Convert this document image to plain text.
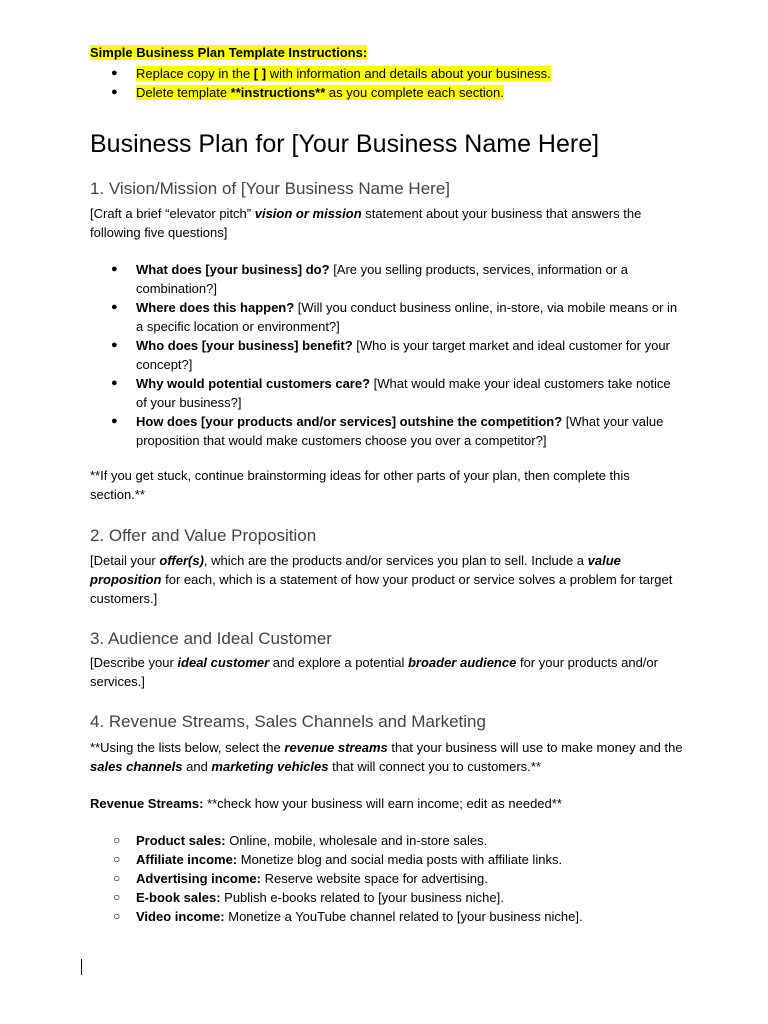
Simple Business Plan Template Instructions:
● Replace copy in the [ ] with information and details about your business.
● Delete template **instructions** as you complete each section.
Business Plan for [Your Business Name Here]
1. Vision/Mission of [Your Business Name Here]

[Craft a brief “elevator pitch” vision or mission statement about your business that answers the following five questions]

● What does [your business] do? [Are you selling products, services, information or a combination?]
● Where does this happen? [Will you conduct business online, in-store, via mobile means or in a specific location or environment?]
● Who does [your business] benefit? [Who is your target market and ideal customer for your concept?]
● Why would potential customers care? [What would make your ideal customers take notice of your business?]
● How does [your products and/or services] outshine the competition? [What your value proposition that would make customers choose you over a competitor?]

**If you get stuck, continue brainstorming ideas for other parts of your plan, then complete this section.**

2. Offer and Value Proposition

[Detail your offer(s), which are the products and/or services you plan to sell. Include a value proposition for each, which is a statement of how your product or service solves a problem for target customers.]

3. Audience and Ideal Customer

[Describe your ideal customer and explore a potential broader audience for your products and/or services.]

4. Revenue Streams, Sales Channels and Marketing

**Using the lists below, select the revenue streams that your business will use to make money and the sales channels and marketing vehicles that will connect you to customers.**

Revenue Streams: **check how your business will earn income; edit as needed**

○ Product sales: Online, mobile, wholesale and in-store sales.
○ Affiliate income: Monetize blog and social media posts with affiliate links.
○ Advertising income: Reserve website space for advertising.
○ E-book sales: Publish e-books related to [your business niche].
○ Video income: Monetize a YouTube channel related to [your business niche].
